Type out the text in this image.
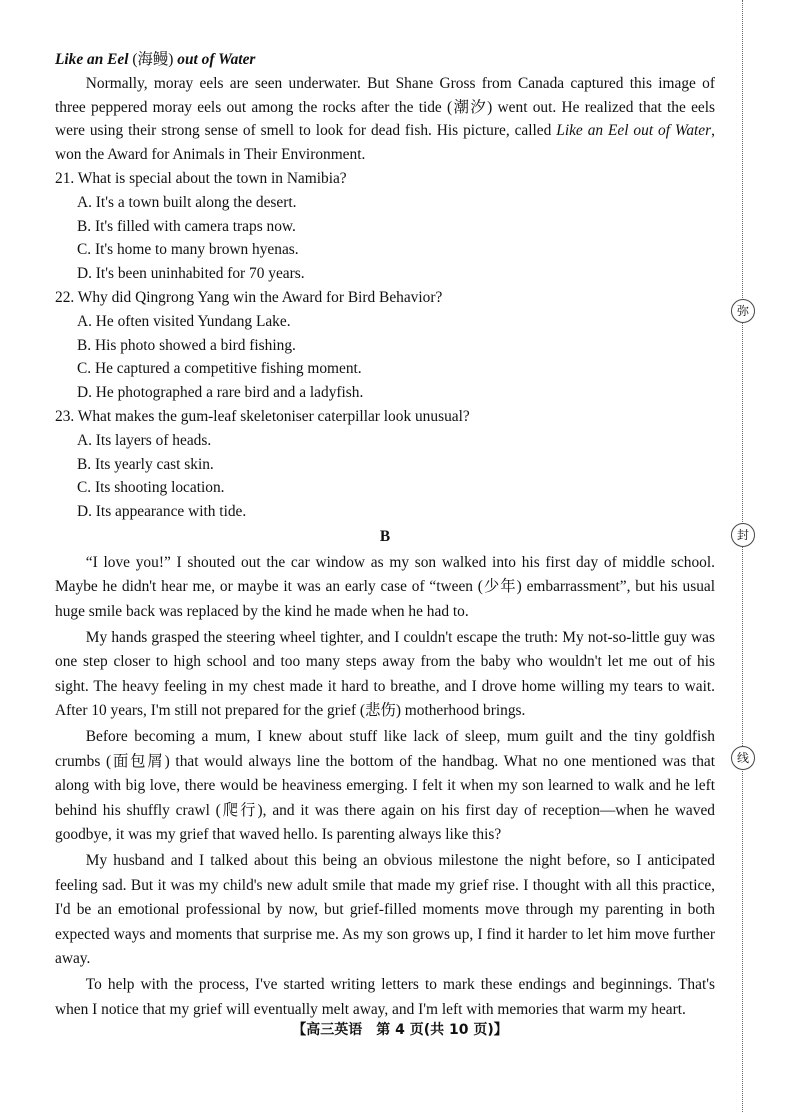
弥
封
线
Like an Eel (海鳗) out of Water

Normally, moray eels are seen underwater. But Shane Gross from Canada captured this image of three peppered moray eels out among the rocks after the tide (潮汐) went out. He realized that the eels were using their strong sense of smell to look for dead fish. His picture, called Like an Eel out of Water, won the Award for Animals in Their Environment.

21. What is special about the town in Namibia?
A. It's a town built along the desert.
B. It's filled with camera traps now.
C. It's home to many brown hyenas.
D. It's been uninhabited for 70 years.
22. Why did Qingrong Yang win the Award for Bird Behavior?
A. He often visited Yundang Lake.
B. His photo showed a bird fishing.
C. He captured a competitive fishing moment.
D. He photographed a rare bird and a ladyfish.
23. What makes the gum-leaf skeletoniser caterpillar look unusual?
A. Its layers of heads.
B. Its yearly cast skin.
C. Its shooting location.
D. Its appearance with tide.
B

“I love you!” I shouted out the car window as my son walked into his first day of middle school. Maybe he didn't hear me, or maybe it was an early case of “tween (少年) embarrassment”, but his usual huge smile back was replaced by the kind he made when he had to.

My hands grasped the steering wheel tighter, and I couldn't escape the truth: My not-so-little guy was one step closer to high school and too many steps away from the baby who wouldn't let me out of his sight. The heavy feeling in my chest made it hard to breathe, and I drove home willing my tears to wait. After 10 years, I'm still not prepared for the grief (悲伤) motherhood brings.

Before becoming a mum, I knew about stuff like lack of sleep, mum guilt and the tiny goldfish crumbs (面包屑) that would always line the bottom of the handbag. What no one mentioned was that along with big love, there would be heaviness emerging. I felt it when my son learned to walk and he left behind his shuffly crawl (爬行), and it was there again on his first day of reception—when he waved goodbye, it was my grief that waved hello. Is parenting always like this?

My husband and I talked about this being an obvious milestone the night before, so I anticipated feeling sad. But it was my child's new adult smile that made my grief rise. I thought with all this practice, I'd be an emotional professional by now, but grief-filled moments move through my parenting in both expected ways and moments that surprise me. As my son grows up, I find it harder to let him move further away.

To help with the process, I've started writing letters to mark these endings and beginnings. That's when I notice that my grief will eventually melt away, and I'm left with memories that warm my heart.

【高三英语　第 4 页(共 10 页)】
